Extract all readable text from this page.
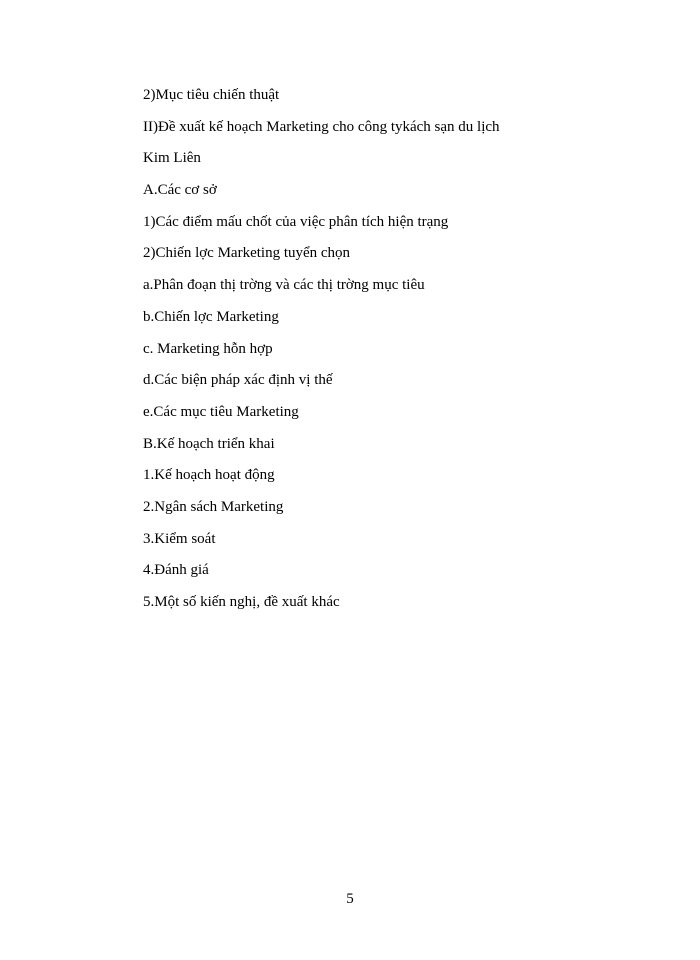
2)Mục tiêu chiến thuật
II)Đề xuất kế hoạch Marketing cho công tykách sạn du lịch
Kim Liên
A.Các cơ sở
1)Các điểm mấu chốt của việc phân tích hiện trạng
2)Chiến lợc Marketing tuyển chọn
a.Phân đoạn thị trờng và các thị trờng mục tiêu
b.Chiến lợc Marketing
c. Marketing hỗn hợp
d.Các biện pháp xác định vị thế
e.Các mục tiêu Marketing
B.Kế hoạch triển khai
1.Kế hoạch hoạt động
2.Ngân sách Marketing
3.Kiểm soát
4.Đánh giá
5.Một số kiến nghị, đề xuất khác
5
